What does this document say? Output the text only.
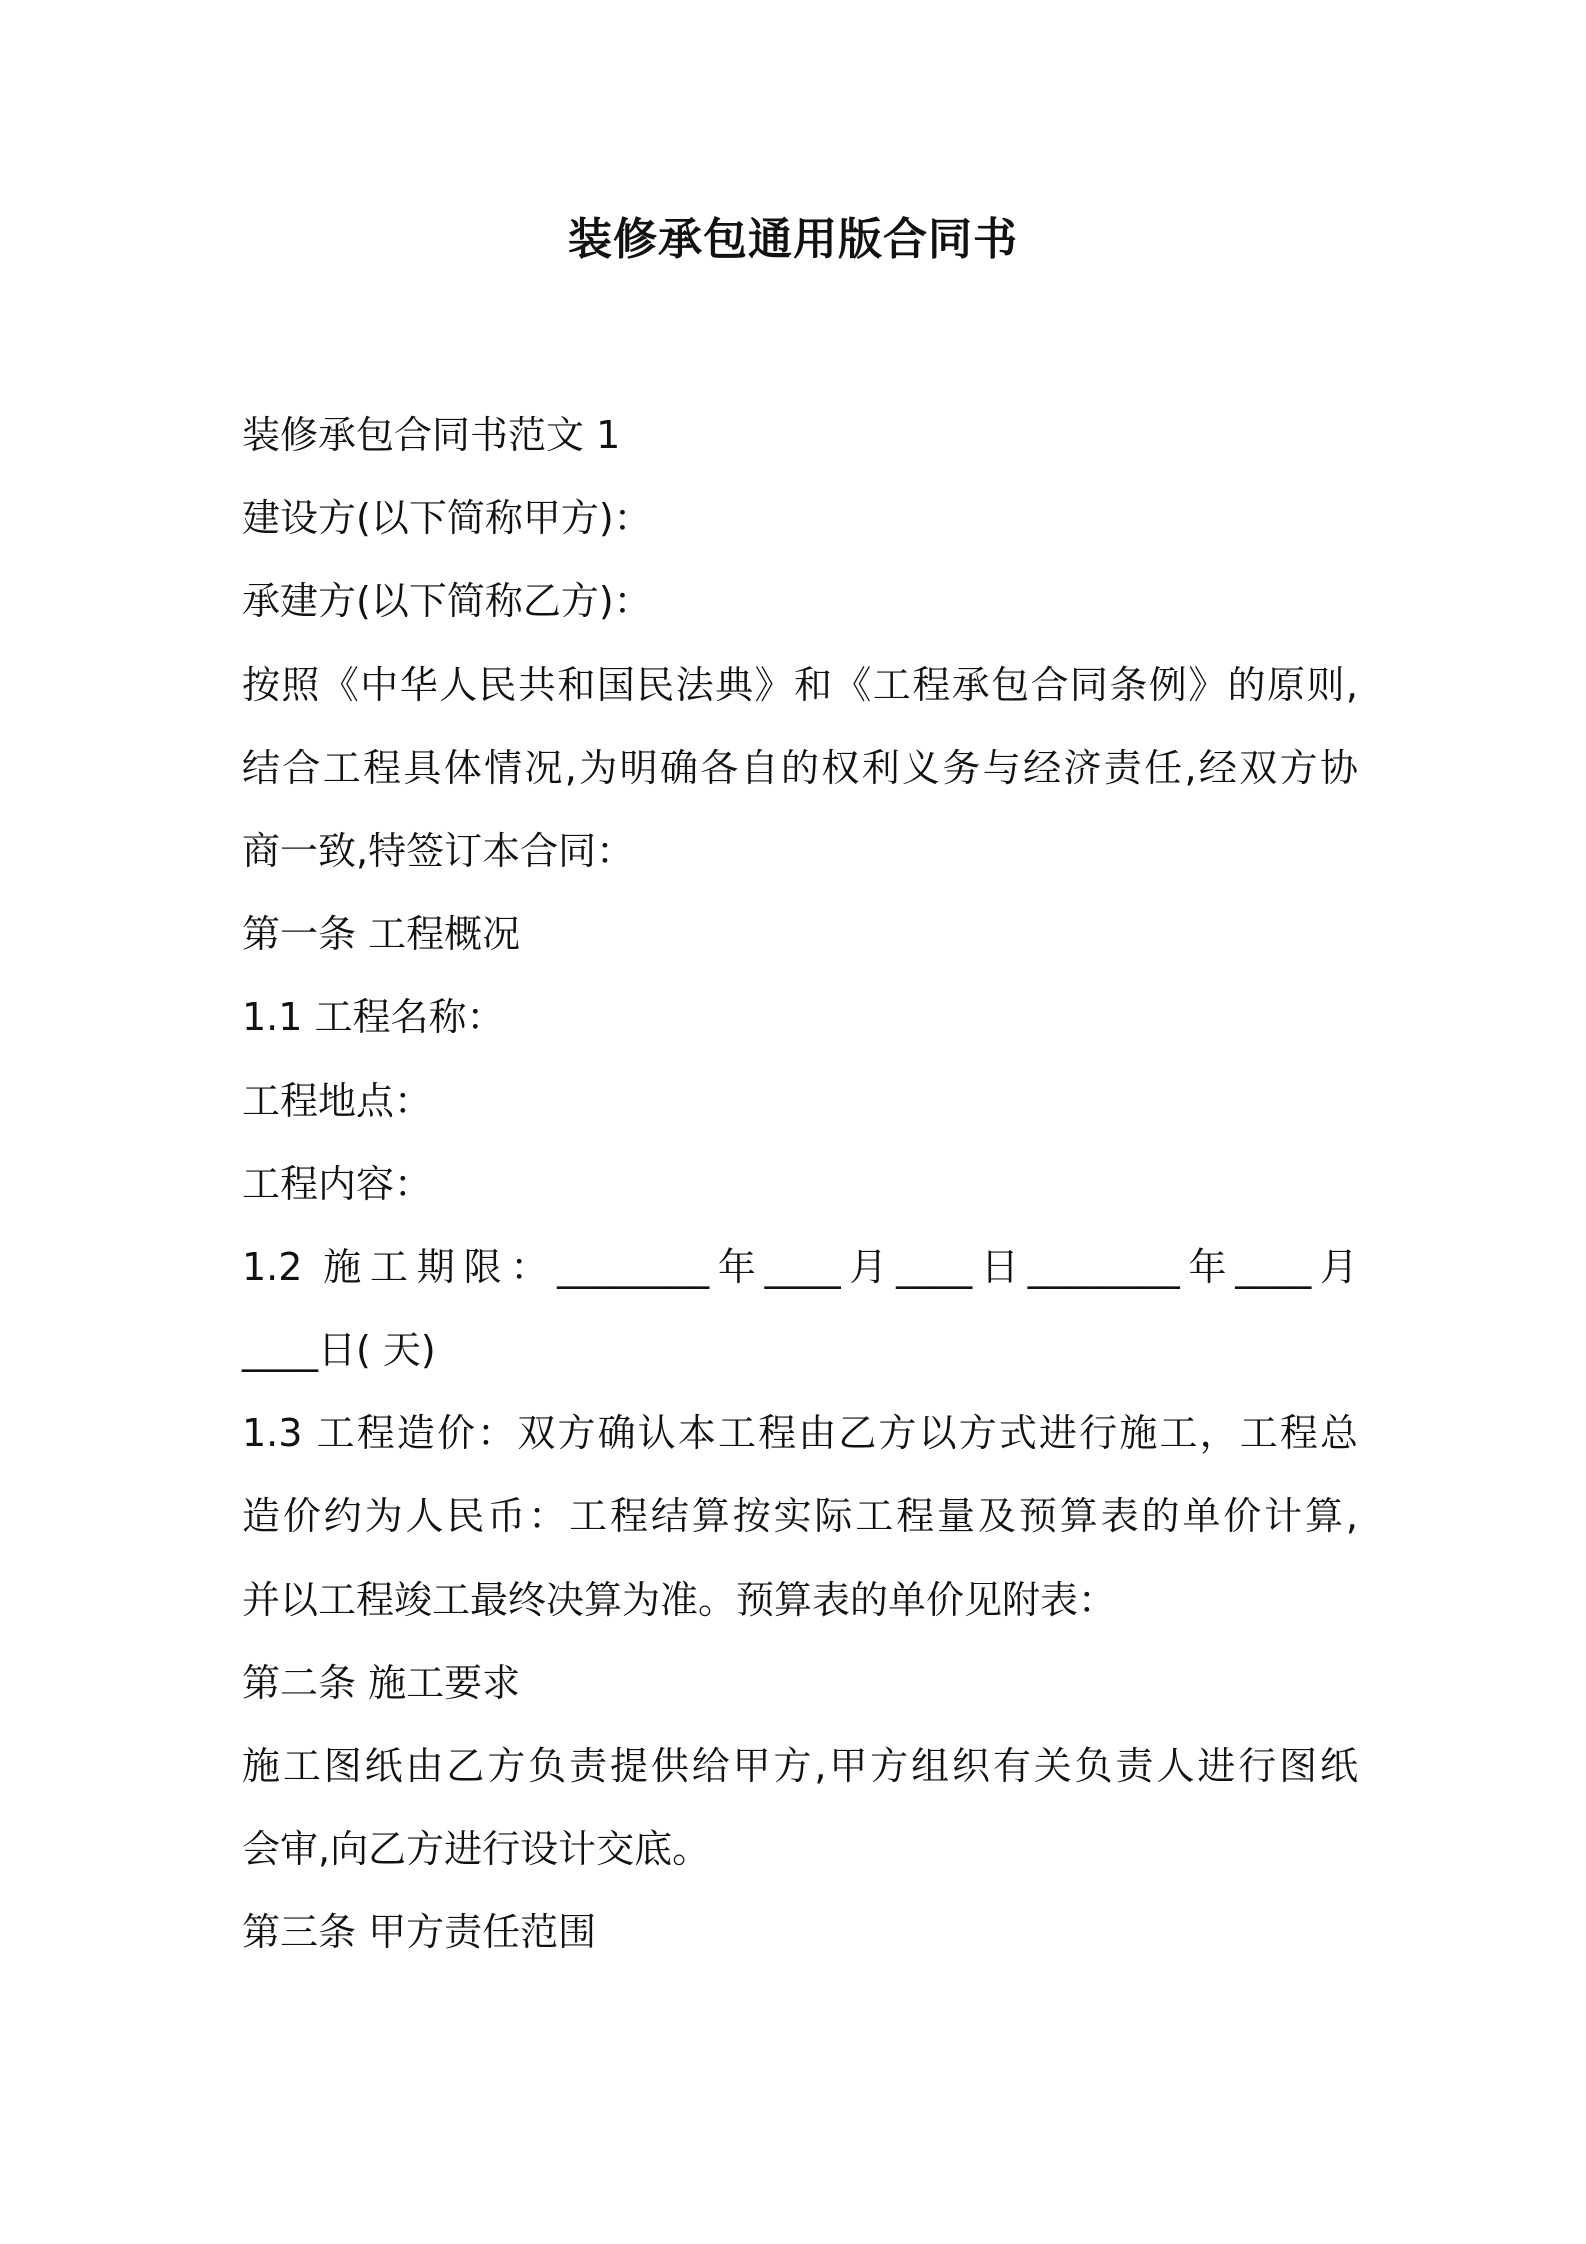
装修承包通用版合同书
装修承包合同书范文 1
建设方(以下简称甲方)：
承建方(以下简称乙方)：
按照《中华人民共和国民法典》和《工程承包合同条例》的原则,
结合工程具体情况,为明确各自的权利义务与经济责任,经双方协
商一致,特签订本合同：
第一条 工程概况
1.1 工程名称：
工程地点：
工程内容：
1.2 施工期限：________年____月____日________年____月
____日( 天)
1.3 工程造价：双方确认本工程由乙方以方式进行施工，工程总
造价约为人民币：工程结算按实际工程量及预算表的单价计算,
并以工程竣工最终决算为准。预算表的单价见附表：
第二条 施工要求
施工图纸由乙方负责提供给甲方,甲方组织有关负责人进行图纸
会审,向乙方进行设计交底。
第三条 甲方责任范围
